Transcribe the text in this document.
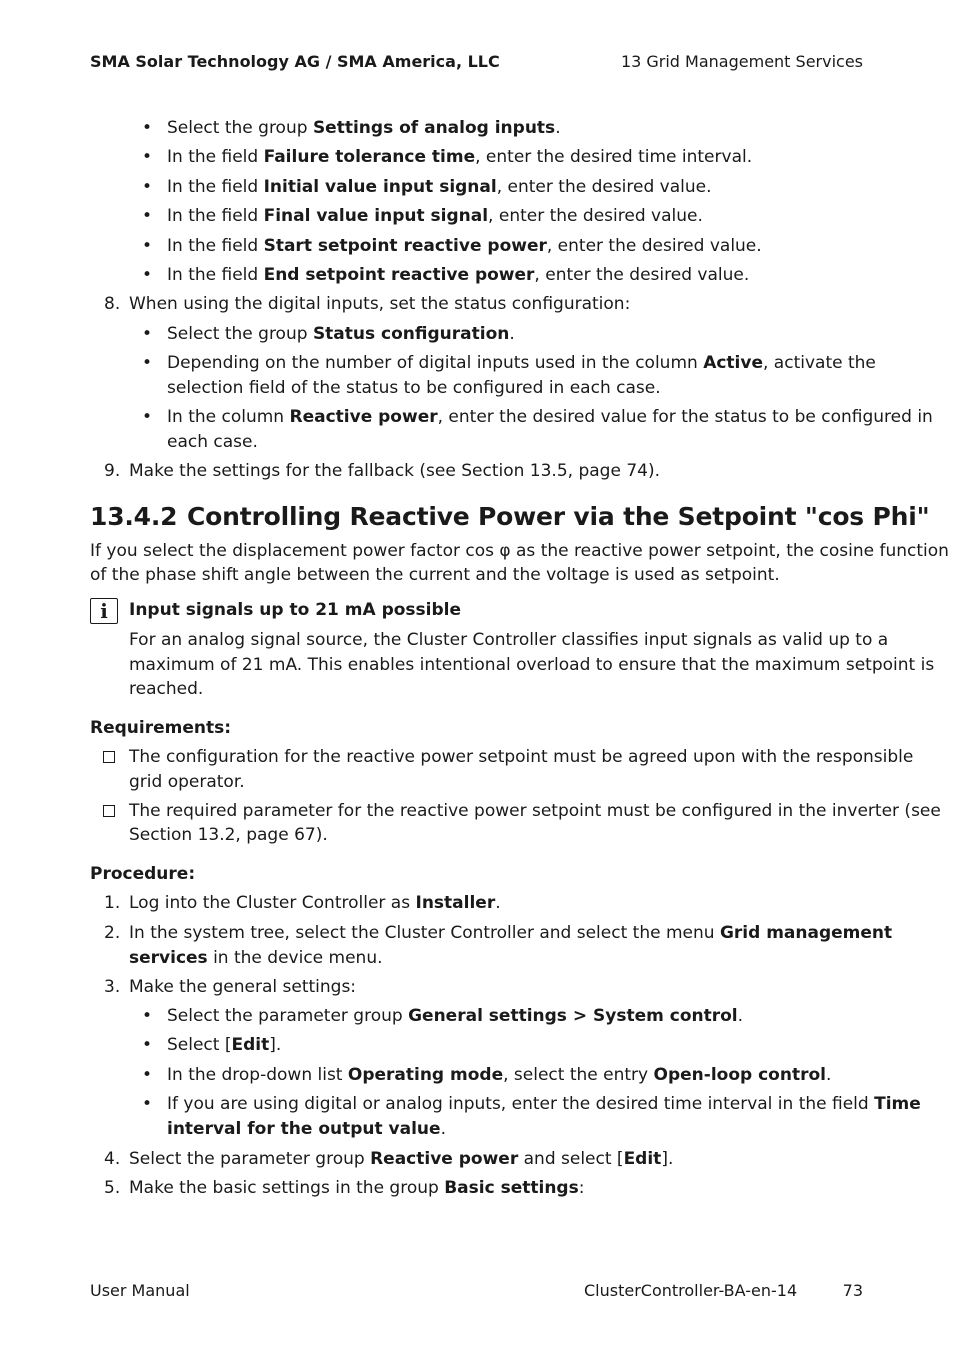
SMA Solar Technology AG / SMA America, LLC	13 Grid Management Services
• Select the group Settings of analog inputs.
• In the field Failure tolerance time, enter the desired time interval.
• In the field Initial value input signal, enter the desired value.
• In the field Final value input signal, enter the desired value.
• In the field Start setpoint reactive power, enter the desired value.
• In the field End setpoint reactive power, enter the desired value.
8. When using the digital inputs, set the status configuration:
• Select the group Status configuration.
• Depending on the number of digital inputs used in the column Active, activate the
selection field of the status to be configured in each case.
• In the column Reactive power, enter the desired value for the status to be configured in
each case.
9. Make the settings for the fallback (see Section 13.5, page 74).
13.4.2 Controlling Reactive Power via the Setpoint "cos Phi"
If you select the displacement power factor cos φ as the reactive power setpoint, the cosine function
of the phase shift angle between the current and the voltage is used as setpoint.
i	Input signals up to 21 mA possible
For an analog signal source, the Cluster Controller classifies input signals as valid up to a
maximum of 21 mA. This enables intentional overload to ensure that the maximum setpoint is
reached.
Requirements:
The configuration for the reactive power setpoint must be agreed upon with the responsible
grid operator.
The required parameter for the reactive power setpoint must be configured in the inverter (see
Section 13.2, page 67).
Procedure:
1. Log into the Cluster Controller as Installer.
2. In the system tree, select the Cluster Controller and select the menu Grid management
services in the device menu.
3. Make the general settings:
• Select the parameter group General settings > System control.
• Select [Edit].
• In the drop-down list Operating mode, select the entry Open-loop control.
• If you are using digital or analog inputs, enter the desired time interval in the field Time
interval for the output value.
4. Select the parameter group Reactive power and select [Edit].
5. Make the basic settings in the group Basic settings:
User Manual	ClusterController-BA-en-14	73
